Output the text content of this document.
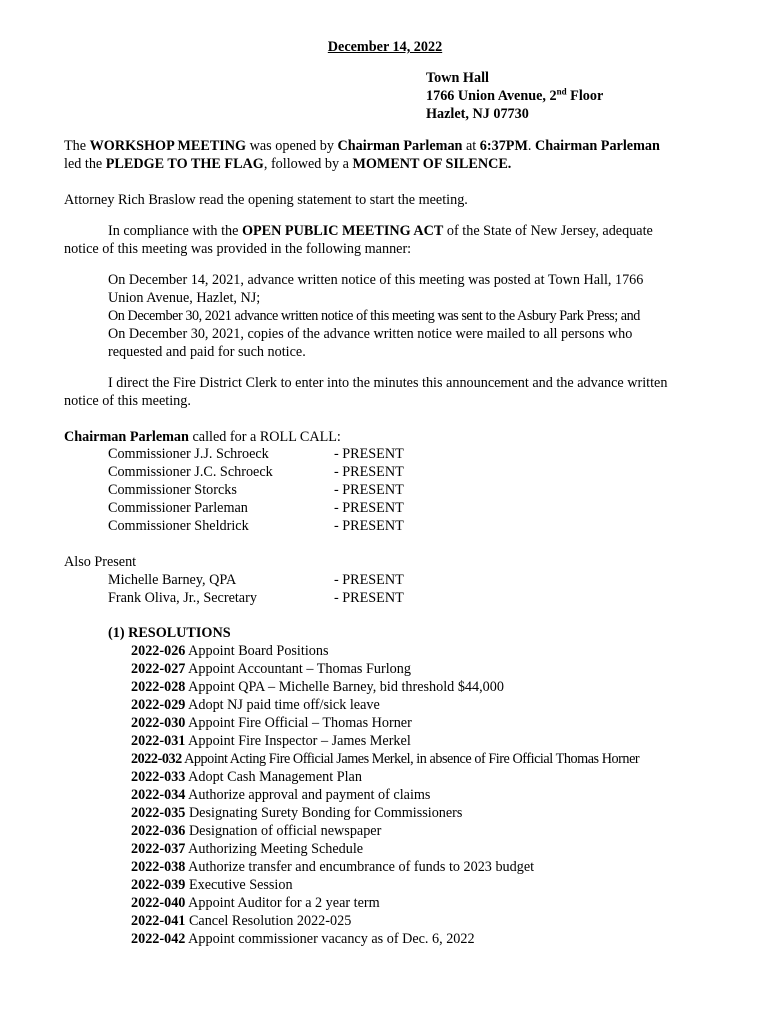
December 14, 2022
Town Hall
1766 Union Avenue, 2nd Floor
Hazlet, NJ 07730
The WORKSHOP MEETING was opened by Chairman Parleman at 6:37PM. Chairman Parleman
led the PLEDGE TO THE FLAG, followed by a MOMENT OF SILENCE.
Attorney Rich Braslow read the opening statement to start the meeting.
In compliance with the OPEN PUBLIC MEETING ACT of the State of New Jersey, adequate
notice of this meeting was provided in the following manner:
On December 14, 2021, advance written notice of this meeting was posted at Town Hall, 1766
Union Avenue, Hazlet, NJ;
On December 30, 2021 advance written notice of this meeting was sent to the Asbury Park Press; and
On December 30, 2021, copies of the advance written notice were mailed to all persons who
requested and paid for such notice.
I direct the Fire District Clerk to enter into the minutes this announcement and the advance written
notice of this meeting.
Chairman Parleman called for a ROLL CALL:
Commissioner J.J. Schroeck	- PRESENT
Commissioner J.C. Schroeck	- PRESENT
Commissioner Storcks	- PRESENT
Commissioner Parleman	- PRESENT
Commissioner Sheldrick	- PRESENT
Also Present
Michelle Barney, QPA	- PRESENT
Frank Oliva, Jr., Secretary	- PRESENT
(1) RESOLUTIONS
2022-026 Appoint Board Positions
2022-027 Appoint Accountant – Thomas Furlong
2022-028 Appoint QPA – Michelle Barney, bid threshold $44,000
2022-029 Adopt NJ paid time off/sick leave
2022-030 Appoint Fire Official – Thomas Horner
2022-031 Appoint Fire Inspector – James Merkel
2022-032 Appoint Acting Fire Official James Merkel, in absence of Fire Official Thomas Horner
2022-033 Adopt Cash Management Plan
2022-034 Authorize approval and payment of claims
2022-035 Designating Surety Bonding for Commissioners
2022-036 Designation of official newspaper
2022-037 Authorizing Meeting Schedule
2022-038 Authorize transfer and encumbrance of funds to 2023 budget
2022-039 Executive Session
2022-040 Appoint Auditor for a 2 year term
2022-041 Cancel Resolution 2022-025
2022-042 Appoint commissioner vacancy as of Dec. 6, 2022
